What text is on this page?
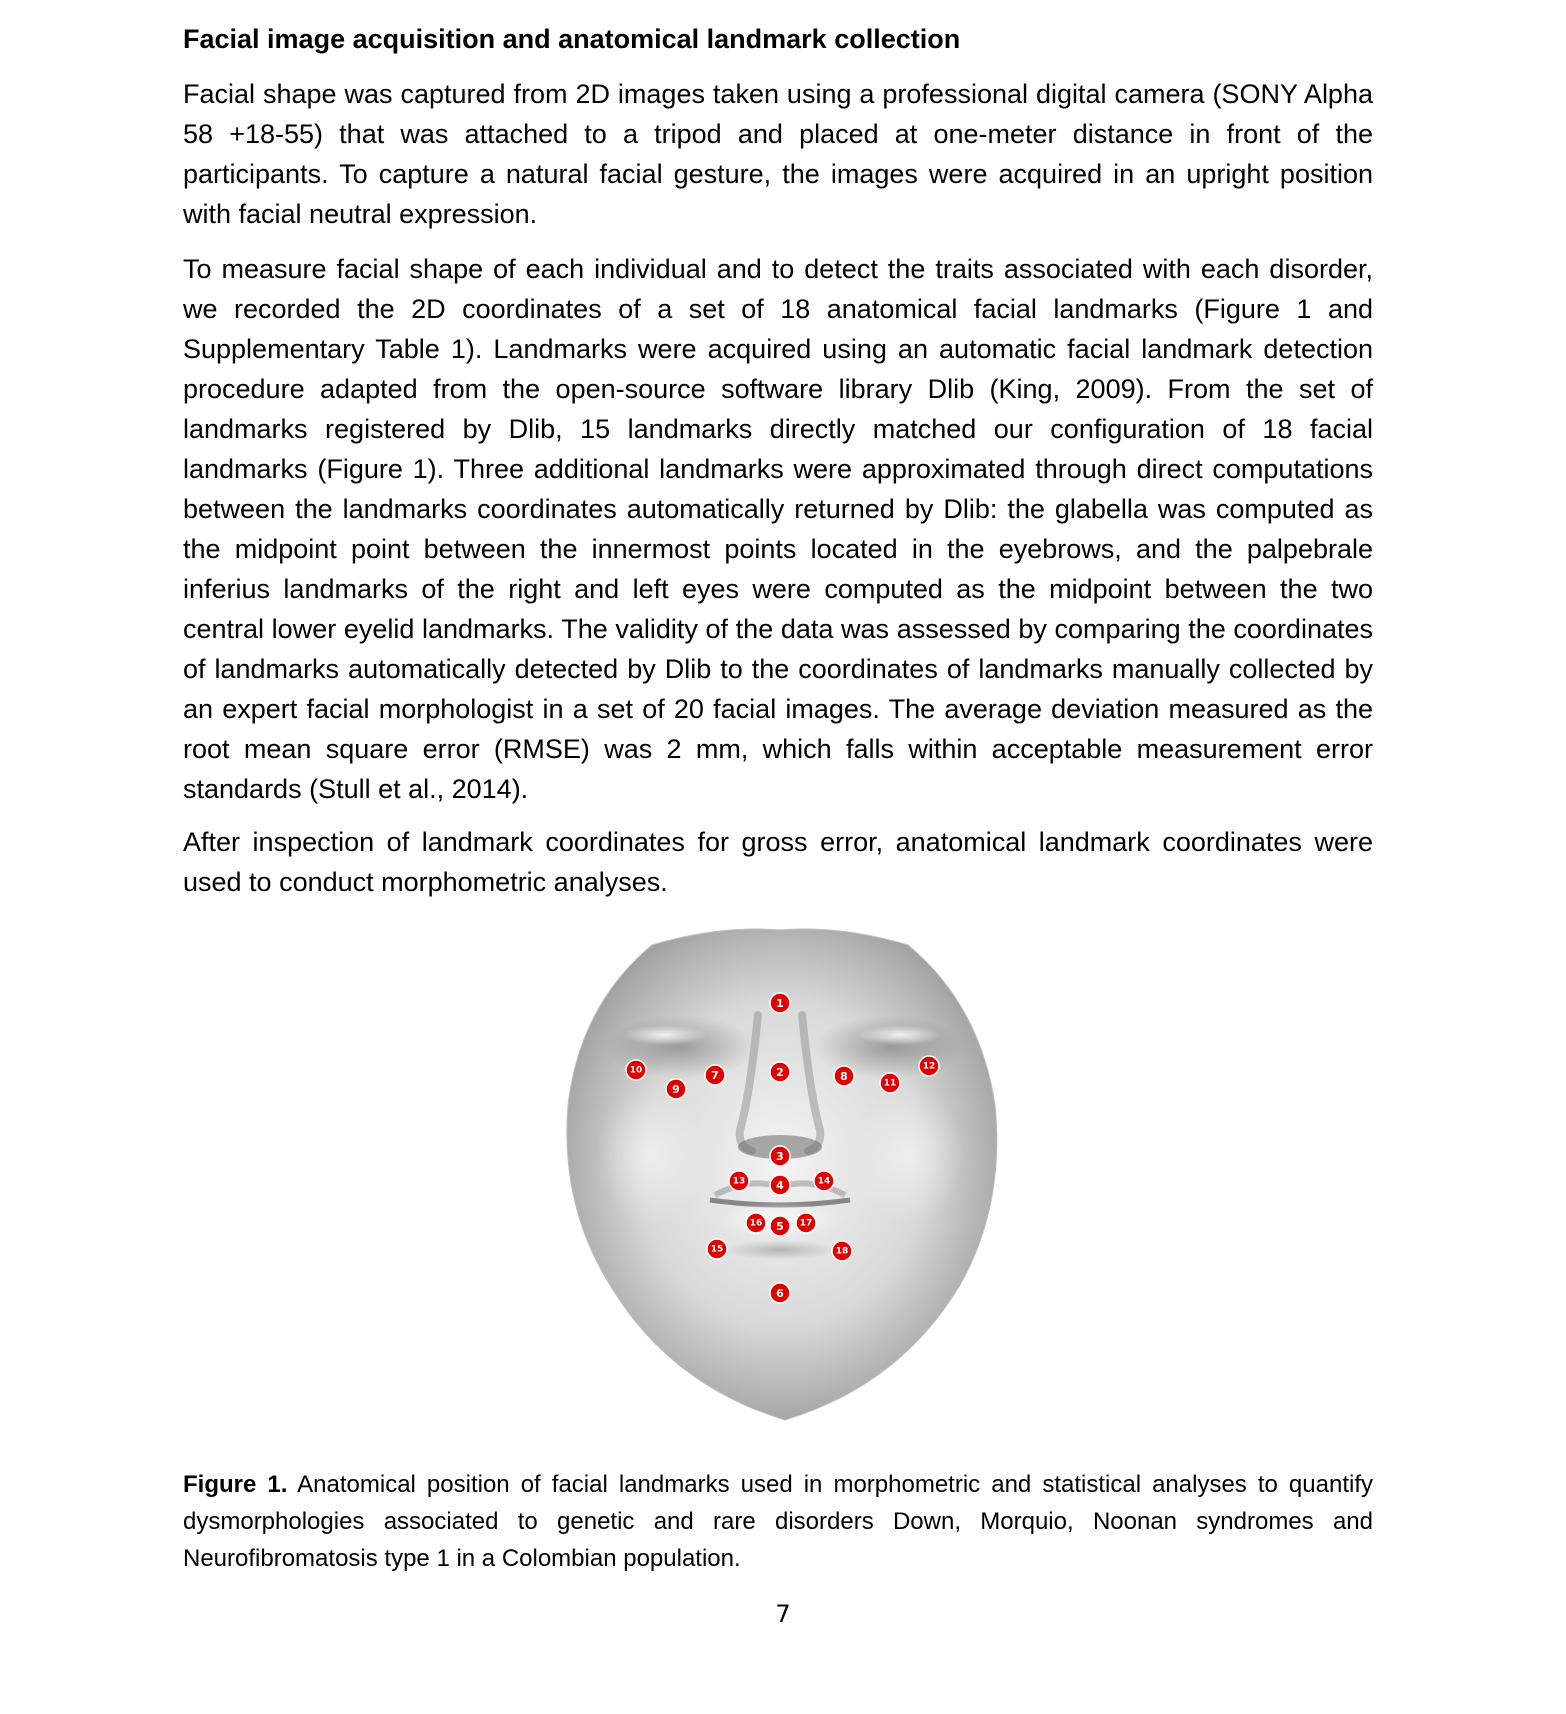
Facial image acquisition and anatomical landmark collection

Facial shape was captured from 2D images taken using a professional digital camera (SONY Alpha 58 +18-55) that was attached to a tripod and placed at one-meter distance in front of the participants. To capture a natural facial gesture, the images were acquired in an upright position with facial neutral expression.

To measure facial shape of each individual and to detect the traits associated with each disorder, we recorded the 2D coordinates of a set of 18 anatomical facial landmarks (Figure 1 and Supplementary Table 1). Landmarks were acquired using an automatic facial landmark detection procedure adapted from the open-source software library Dlib (King, 2009). From the set of landmarks registered by Dlib, 15 landmarks directly matched our configuration of 18 facial landmarks (Figure 1). Three additional landmarks were approximated through direct computations between the landmarks coordinates automatically returned by Dlib: the glabella was computed as the midpoint point between the innermost points located in the eyebrows, and the palpebrale inferius landmarks of the right and left eyes were computed as the midpoint between the two central lower eyelid landmarks. The validity of the data was assessed by comparing the coordinates of landmarks automatically detected by Dlib to the coordinates of landmarks manually collected by an expert facial morphologist in a set of 20 facial images. The average deviation measured as the root mean square error (RMSE) was 2 mm, which falls within acceptable measurement error standards (Stull et al., 2014).

After inspection of landmark coordinates for gross error, anatomical landmark coordinates were used to conduct morphometric analyses.

1
2
3
4
5
6
7	8
9
10
11
12
13	14
15
16	17
18

Figure 1. Anatomical position of facial landmarks used in morphometric and statistical analyses to quantify dysmorphologies associated to genetic and rare disorders Down, Morquio, Noonan syndromes and Neurofibromatosis type 1 in a Colombian population.

7
